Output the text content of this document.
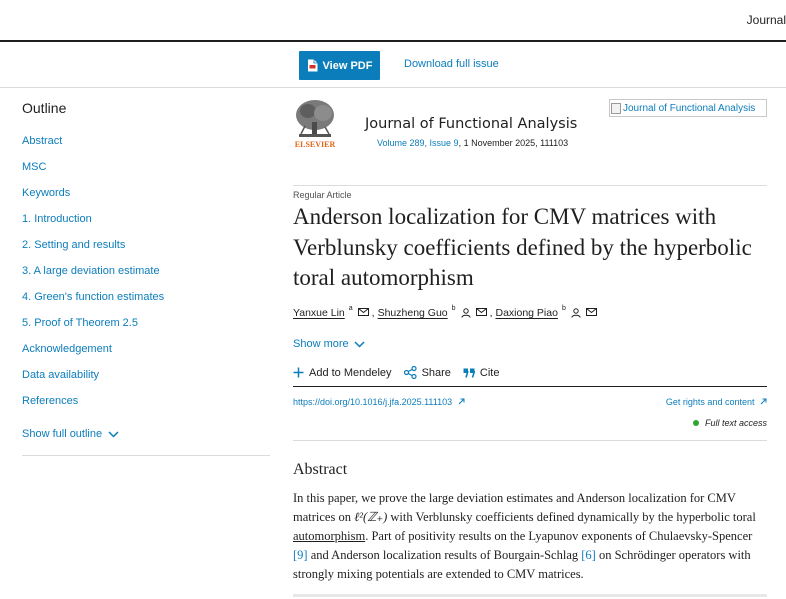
Journal
View PDF	Download full issue
Outline
Abstract
MSC
Keywords
1. Introduction
2. Setting and results
3. A large deviation estimate
4. Green's function estimates
5. Proof of Theorem 2.5
Acknowledgement
Data availability
References
Show full outline
ELSEVIER
Journal of Functional Analysis
Volume 289, Issue 9, 1 November 2025, 111103
Journal of Functional Analysis
Regular Article
Anderson localization for CMV matrices with Verblunsky coefficients defined by the hyperbolic toral automorphism
Yanxue Lin a , Shuzheng Guo b	, Daxiong Piao b
Show more
Add to Mendeley	Share	Cite
https://doi.org/10.1016/j.jfa.2025.111103	Get rights and content
Full text access
Abstract

In this paper, we prove the large deviation estimates and Anderson localization for CMV matrices on ℓ²(ℤ₊) with Verblunsky coefficients defined dynamically by the hyperbolic toral automorphism. Part of positivity results on the Lyapunov exponents of Chulaevsky-Spencer [9] and Anderson localization results of Bourgain-Schlag [6] on Schrödinger operators with strongly mixing potentials are extended to CMV matrices.
